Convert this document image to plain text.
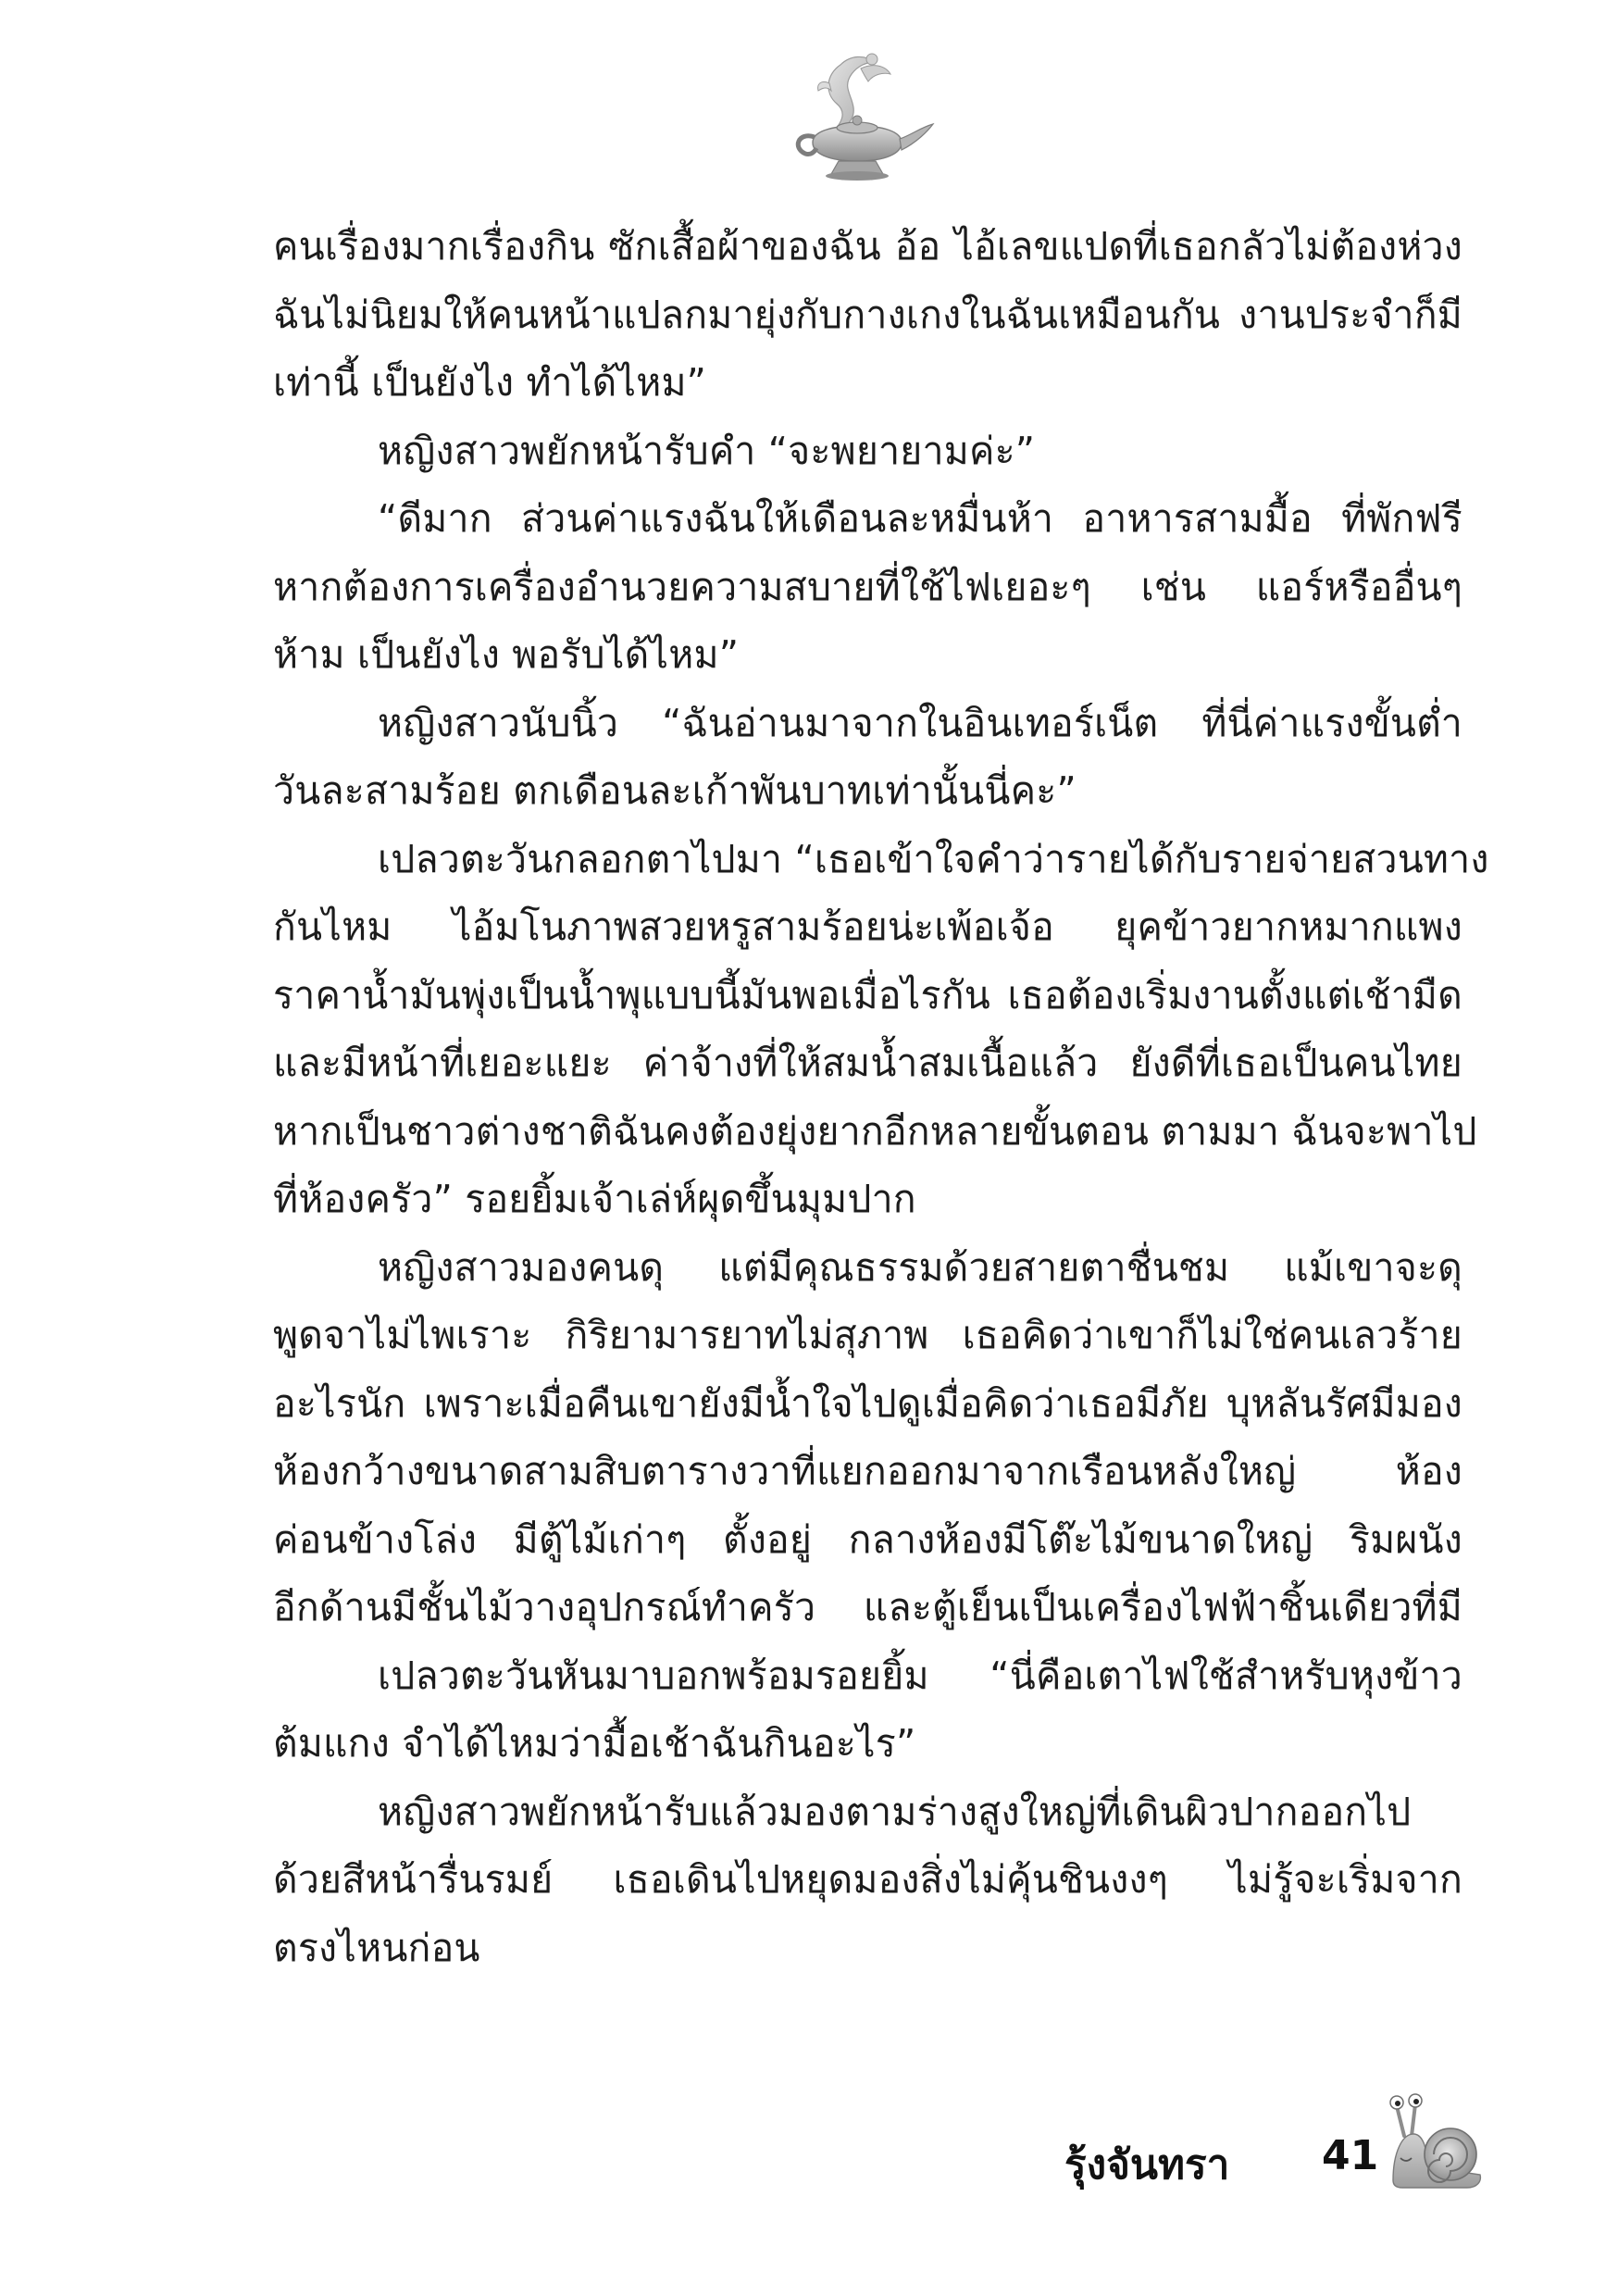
คนเรื่องมากเรื่องกิน ซักเสื้อผ้าของฉัน อ้อ ไอ้เลขแปดที่เธอกลัวไม่ต้องห่วง
ฉันไม่นิยมให้คนหน้าแปลกมายุ่งกับกางเกงในฉันเหมือนกัน งานประจำก็มี
เท่านี้ เป็นยังไง ทำได้ไหม”
หญิงสาวพยักหน้ารับคำ “จะพยายามค่ะ”
“ดีมาก ส่วนค่าแรงฉันให้เดือนละหมื่นห้า อาหารสามมื้อ ที่พักฟรี
หากต้องการเครื่องอำนวยความสบายที่ใช้ไฟเยอะๆ เช่น แอร์หรืออื่นๆ
ห้าม เป็นยังไง พอรับได้ไหม”
หญิงสาวนับนิ้ว “ฉันอ่านมาจากในอินเทอร์เน็ต ที่นี่ค่าแรงขั้นต่ำ
วันละสามร้อย ตกเดือนละเก้าพันบาทเท่านั้นนี่คะ”
เปลวตะวันกลอกตาไปมา “เธอเข้าใจคำว่ารายได้กับรายจ่ายสวนทาง
กันไหม ไอ้มโนภาพสวยหรูสามร้อยน่ะเพ้อเจ้อ ยุคข้าวยากหมากแพง
ราคาน้ำมันพุ่งเป็นน้ำพุแบบนี้มันพอเมื่อไรกัน เธอต้องเริ่มงานตั้งแต่เช้ามืด
และมีหน้าที่เยอะแยะ ค่าจ้างที่ให้สมน้ำสมเนื้อแล้ว ยังดีที่เธอเป็นคนไทย
หากเป็นชาวต่างชาติฉันคงต้องยุ่งยากอีกหลายขั้นตอน ตามมา ฉันจะพาไป
ที่ห้องครัว” รอยยิ้มเจ้าเล่ห์ผุดขึ้นมุมปาก
หญิงสาวมองคนดุ แต่มีคุณธรรมด้วยสายตาชื่นชม แม้เขาจะดุ
พูดจาไม่ไพเราะ กิริยามารยาทไม่สุภาพ เธอคิดว่าเขาก็ไม่ใช่คนเลวร้าย
อะไรนัก เพราะเมื่อคืนเขายังมีน้ำใจไปดูเมื่อคิดว่าเธอมีภัย บุหลันรัศมีมอง
ห้องกว้างขนาดสามสิบตารางวาที่แยกออกมาจากเรือนหลังใหญ่ ห้อง
ค่อนข้างโล่ง มีตู้ไม้เก่าๆ ตั้งอยู่ กลางห้องมีโต๊ะไม้ขนาดใหญ่ ริมผนัง
อีกด้านมีชั้นไม้วางอุปกรณ์ทำครัว และตู้เย็นเป็นเครื่องไฟฟ้าชิ้นเดียวที่มี
เปลวตะวันหันมาบอกพร้อมรอยยิ้ม “นี่คือเตาไฟใช้สำหรับหุงข้าว
ต้มแกง จำได้ไหมว่ามื้อเช้าฉันกินอะไร”
หญิงสาวพยักหน้ารับแล้วมองตามร่างสูงใหญ่ที่เดินผิวปากออกไป
ด้วยสีหน้ารื่นรมย์ เธอเดินไปหยุดมองสิ่งไม่คุ้นชินงงๆ ไม่รู้จะเริ่มจาก
ตรงไหนก่อน
รุ้งจันทรา 41
